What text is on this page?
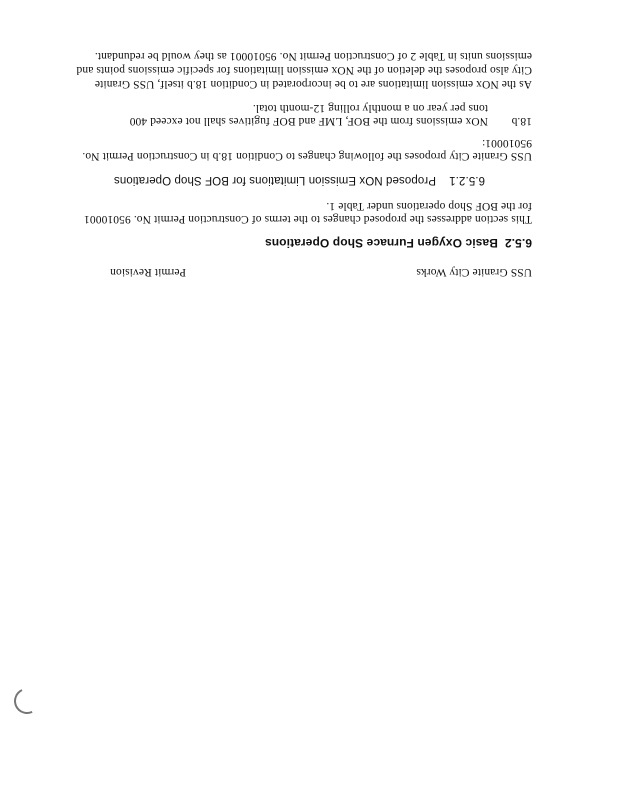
USS Granite City Works
Permit Revision
6.5.2  Basic Oxygen Furnace Shop Operations
This section addresses the proposed changes to the terms of Construction Permit No. 95010001
for the BOF Shop operations under Table 1.
6.5.2.1    Proposed NOx Emission Limitations for BOF Shop Operations
USS Granite City proposes the following changes to Condition 18.b in Construction Permit No.
95010001:
18.bNOx emissions from the BOF, LMF and BOF fugitives shall not exceed 400
tons per year on a monthly rolling 12-month total.
As the NOx emission limitations are to be incorporated in Condition 18.b itself, USS Granite
City also proposes the deletion of the NOx emission limitations for specific emissions points and
emissions units in Table 2 of Construction Permit No. 95010001 as they would be redundant.
